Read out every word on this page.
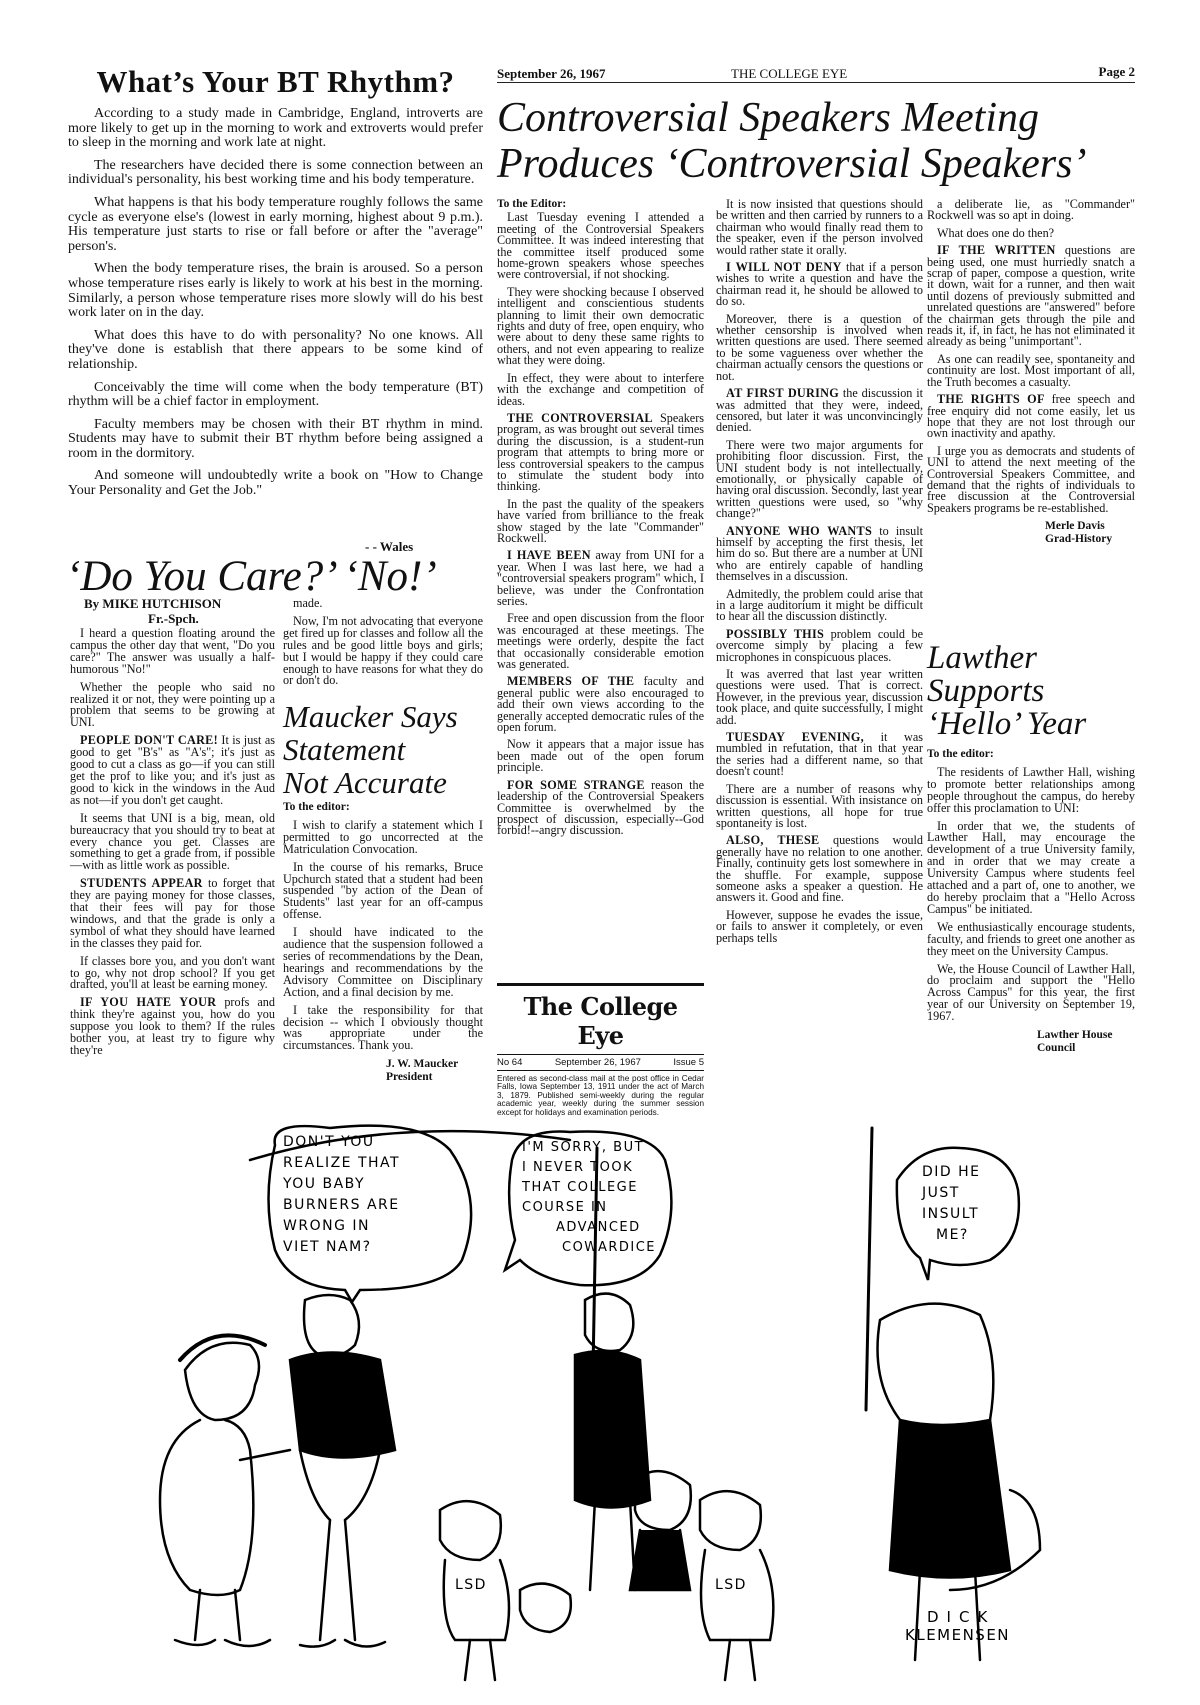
What’s Your BT Rhythm?

According to a study made in Cambridge, England, introverts are more likely to get up in the morning to work and extroverts would prefer to sleep in the morning and work late at night.

The researchers have decided there is some connection between an individual's personality, his best working time and his body temperature.

What happens is that his body temperature roughly follows the same cycle as everyone else's (lowest in early morning, highest about 9 p.m.). His temperature just starts to rise or fall before or after the "average" person's.

When the body temperature rises, the brain is aroused. So a person whose temperature rises early is likely to work at his best in the morning. Similarly, a person whose temperature rises more slowly will do his best work later on in the day.

What does this have to do with personality? No one knows. All they've done is establish that there appears to be some kind of relationship.

Conceivably the time will come when the body temperature (BT) rhythm will be a chief factor in employment.

Faculty members may be chosen with their BT rhythm in mind. Students may have to submit their BT rhythm before being assigned a room in the dormitory.

And someone will undoubtedly write a book on "How to Change Your Personality and Get the Job."

- - Wales
‘Do You Care?’ ‘No!’
By MIKE HUTCHISON
Fr.-Spch.

I heard a question floating around the campus the other day that went, "Do you care?" The answer was usually a half-humorous "No!"

Whether the people who said no realized it or not, they were pointing up a problem that seems to be growing at UNI.

PEOPLE DON'T CARE! It is just as good to get "B's" as "A's"; it's just as good to cut a class as go—if you can still get the prof to like you; and it's just as good to kick in the windows in the Aud as not—if you don't get caught.

It seems that UNI is a big, mean, old bureaucracy that you should try to beat at every chance you get. Classes are something to get a grade from, if possible—with as little work as possible.

STUDENTS APPEAR to forget that they are paying money for those classes, that their fees will pay for those windows, and that the grade is only a symbol of what they should have learned in the classes they paid for.

If classes bore you, and you don't want to go, why not drop school? If you get drafted, you'll at least be earning money.

IF YOU HATE YOUR profs and think they're against you, how do you suppose you look to them? If the rules bother you, at least try to figure why they're

made.

Now, I'm not advocating that everyone get fired up for classes and follow all the rules and be good little boys and girls; but I would be happy if they could care enough to have reasons for what they do or don't do.

Maucker Says
Statement
Not Accurate
To the editor:

I wish to clarify a statement which I permitted to go uncorrected at the Matriculation Convocation.

In the course of his remarks, Bruce Upchurch stated that a student had been suspended "by action of the Dean of Students" last year for an off-campus offense.

I should have indicated to the audience that the suspension followed a series of recommendations by the Dean, hearings and recommendations by the Advisory Committee on Disciplinary Action, and a final decision by me.

I take the responsibility for that decision -- which I obviously thought was appropriate under the circumstances. Thank you.

J. W. Maucker
President
September 26, 1967	THE COLLEGE EYE	Page 2
Controversial Speakers Meeting
Produces ‘Controversial Speakers’
To the Editor:

Last Tuesday evening I attended a meeting of the Controversial Speakers Committee. It was indeed interesting that the committee itself produced some home-grown speakers whose speeches were controversial, if not shocking.

They were shocking because I observed intelligent and conscientious students planning to limit their own democratic rights and duty of free, open enquiry, who were about to deny these same rights to others, and not even appearing to realize what they were doing.

In effect, they were about to interfere with the exchange and competition of ideas.

THE CONTROVERSIAL Speakers program, as was brought out several times during the discussion, is a student-run program that attempts to bring more or less controversial speakers to the campus to stimulate the student body into thinking.

In the past the quality of the speakers have varied from brilliance to the freak show staged by the late "Commander" Rockwell.

I HAVE BEEN away from UNI for a year. When I was last here, we had a "controversial speakers program" which, I believe, was under the Confrontation series.

Free and open discussion from the floor was encouraged at these meetings. The meetings were orderly, despite the fact that occasionally considerable emotion was generated.

MEMBERS OF THE faculty and general public were also encouraged to add their own views according to the generally accepted democratic rules of the open forum.

Now it appears that a major issue has been made out of the open forum principle.

FOR SOME STRANGE reason the leadership of the Controversial Speakers Committee is overwhelmed by the prospect of discussion, especially--God forbid!--angry discussion.

It is now insisted that questions should be written and then carried by runners to a chairman who would finally read them to the speaker, even if the person involved would rather state it orally.

I WILL NOT DENY that if a person wishes to write a question and have the chairman read it, he should be allowed to do so.

Moreover, there is a question of whether censorship is involved when written questions are used. There seemed to be some vagueness over whether the chairman actually censors the questions or not.

AT FIRST DURING the discussion it was admitted that they were, indeed, censored, but later it was unconvincingly denied.

There were two major arguments for prohibiting floor discussion. First, the UNI student body is not intellectually, emotionally, or physically capable of having oral discussion. Secondly, last year written questions were used, so "why change?"

ANYONE WHO WANTS to insult himself by accepting the first thesis, let him do so. But there are a number at UNI who are entirely capable of handling themselves in a discussion.

Admitedly, the problem could arise that in a large auditorium it might be difficult to hear all the discussion distinctly.

POSSIBLY THIS problem could be overcome simply by placing a few microphones in conspicuous places.

It was averred that last year written questions were used. That is correct. However, in the previous year, discussion took place, and quite successfully, I might add.

TUESDAY EVENING, it was mumbled in refutation, that in that year the series had a different name, so that doesn't count!

There are a number of reasons why discussion is essential. With insistance on written questions, all hope for true spontaneity is lost.

ALSO, THESE questions would generally have no relation to one another. Finally, continuity gets lost somewhere in the shuffle. For example, suppose someone asks a speaker a question. He answers it. Good and fine.

However, suppose he evades the issue, or fails to answer it completely, or even perhaps tells

a deliberate lie, as "Commander" Rockwell was so apt in doing.

What does one do then?

IF THE WRITTEN questions are being used, one must hurriedly snatch a scrap of paper, compose a question, write it down, wait for a runner, and then wait until dozens of previously submitted and unrelated questions are "answered" before the chairman gets through the pile and reads it, if, in fact, he has not eliminated it already as being "unimportant".

As one can readily see, spontaneity and continuity are lost. Most important of all, the Truth becomes a casualty.

THE RIGHTS OF free speech and free enquiry did not come easily, let us hope that they are not lost through our own inactivity and apathy.

I urge you as democrats and students of UNI to attend the next meeting of the Controversial Speakers Committee, and demand that the rights of individuals to free discussion at the Controversial Speakers programs be re-established.

Merle Davis
Grad-History
The College Eye
No 64	September 26, 1967	Issue 5
Entered as second-class mail at the post office in Cedar Falls, Iowa September 13, 1911 under the act of March 3, 1879. Published semi-weekly during the regular academic year, weekly during the summer session except for holidays and examination periods.
Lawther
Supports
‘Hello’ Year
To the editor:

The residents of Lawther Hall, wishing to promote better relationships among people throughout the campus, do hereby offer this proclamation to UNI:

In order that we, the students of Lawther Hall, may encourage the development of a true University family, and in order that we may create a University Campus where students feel attached and a part of, one to another, we do hereby proclaim that a "Hello Across Campus" be initiated.

We enthusiastically encourage students, faculty, and friends to greet one another as they meet on the University Campus.

We, the House Council of Lawther Hall, do proclaim and support the "Hello Across Campus" for this year, the first year of our University on September 19, 1967.

Lawther House
Council
DON'T YOU
REALIZE THAT
YOU BABY
BURNERS ARE
WRONG IN
VIET NAM?
I'M SORRY, BUT
I NEVER TOOK
THAT COLLEGE
COURSE IN
ADVANCED
COWARDICE
DID HE
JUST
INSULT
ME?
LSD	LSD
DICK
KLEMENSEN
